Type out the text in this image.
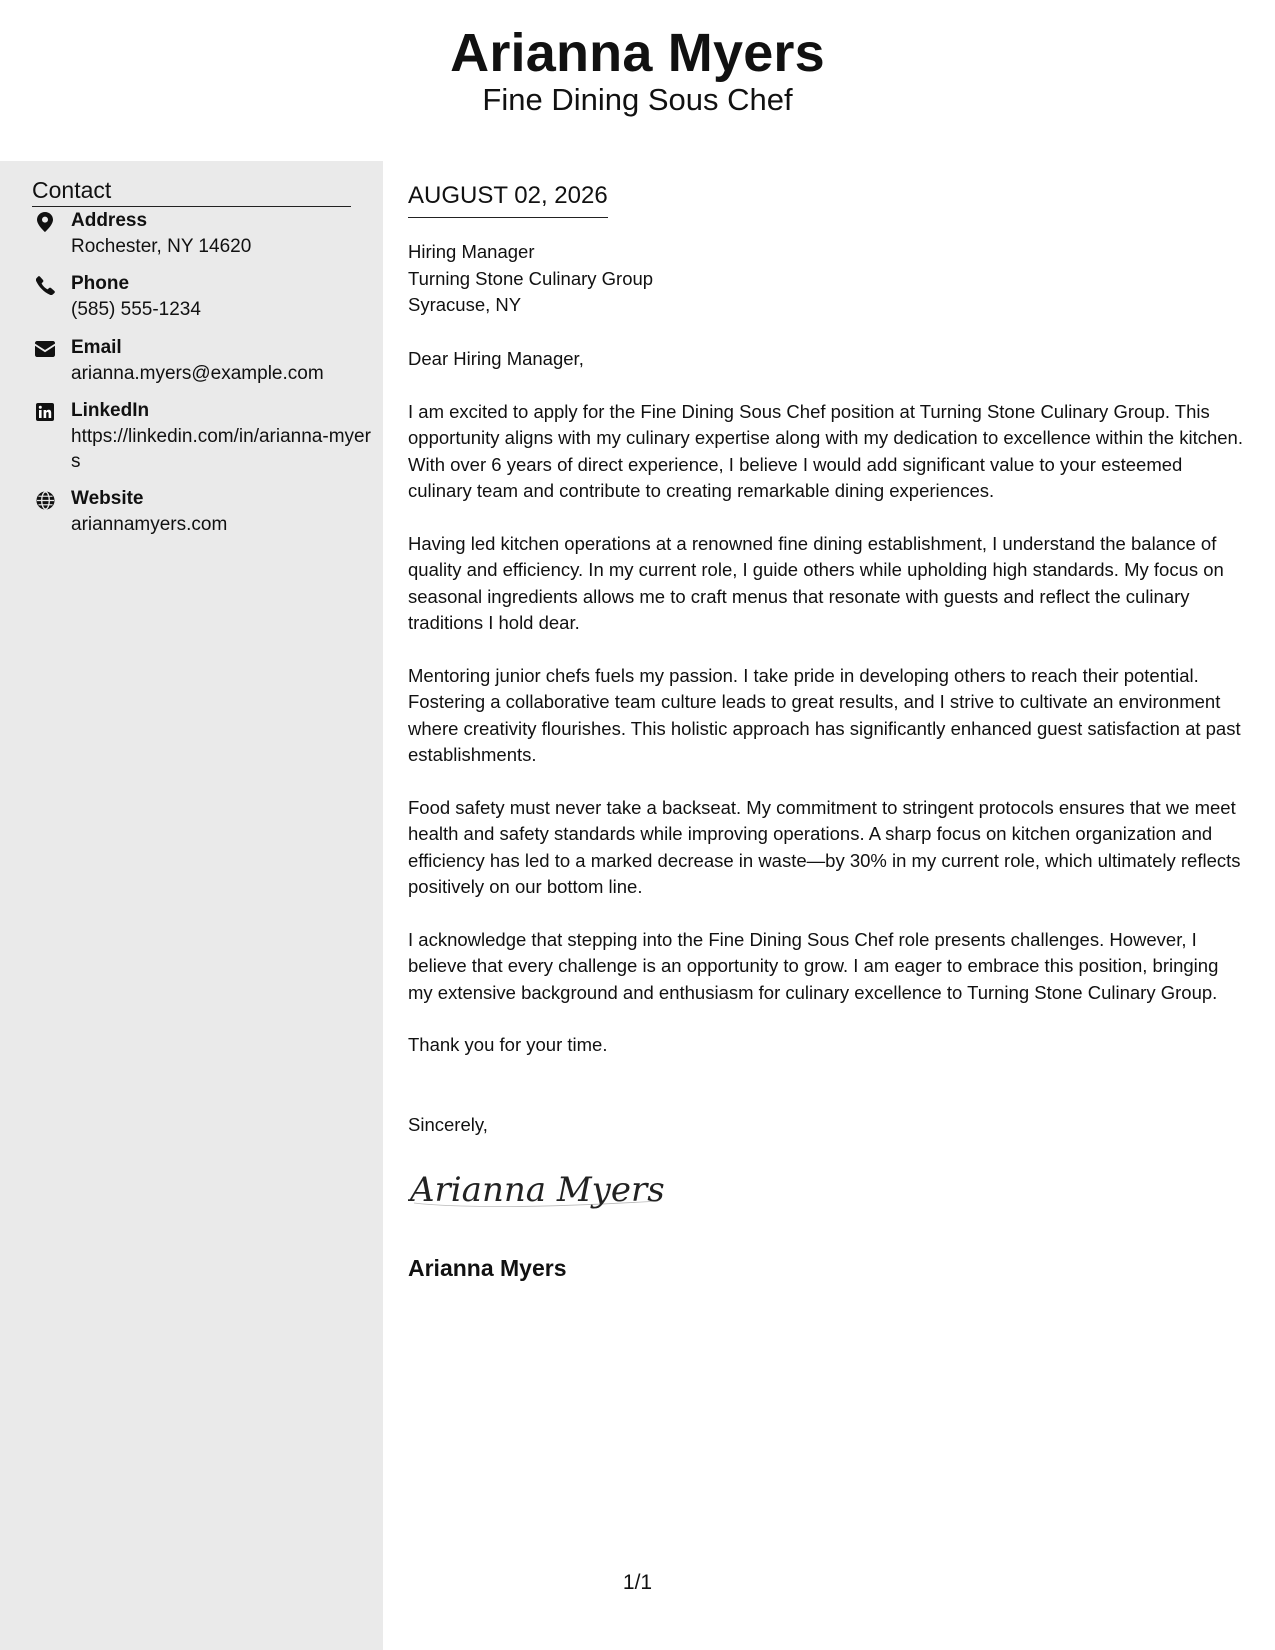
Arianna Myers
Fine Dining Sous Chef
Contact
Address
Rochester, NY 14620
Phone
(585) 555-1234
Email
arianna.myers@example.com
LinkedIn
https://linkedin.com/in/arianna-myers
Website
ariannamyers.com
AUGUST 02, 2026
Hiring Manager
Turning Stone Culinary Group
Syracuse, NY
Dear Hiring Manager,
I am excited to apply for the Fine Dining Sous Chef position at Turning Stone Culinary Group. This opportunity aligns with my culinary expertise along with my dedication to excellence within the kitchen. With over 6 years of direct experience, I believe I would add significant value to your esteemed culinary team and contribute to creating remarkable dining experiences.
Having led kitchen operations at a renowned fine dining establishment, I understand the balance of quality and efficiency. In my current role, I guide others while upholding high standards. My focus on seasonal ingredients allows me to craft menus that resonate with guests and reflect the culinary traditions I hold dear.
Mentoring junior chefs fuels my passion. I take pride in developing others to reach their potential. Fostering a collaborative team culture leads to great results, and I strive to cultivate an environment where creativity flourishes. This holistic approach has significantly enhanced guest satisfaction at past establishments.
Food safety must never take a backseat. My commitment to stringent protocols ensures that we meet health and safety standards while improving operations. A sharp focus on kitchen organization and efficiency has led to a marked decrease in waste—by 30% in my current role, which ultimately reflects positively on our bottom line.
I acknowledge that stepping into the Fine Dining Sous Chef role presents challenges. However, I believe that every challenge is an opportunity to grow. I am eager to embrace this position, bringing my extensive background and enthusiasm for culinary excellence to Turning Stone Culinary Group.
Thank you for your time.
Sincerely,
Arianna Myers
Arianna Myers
1/1
